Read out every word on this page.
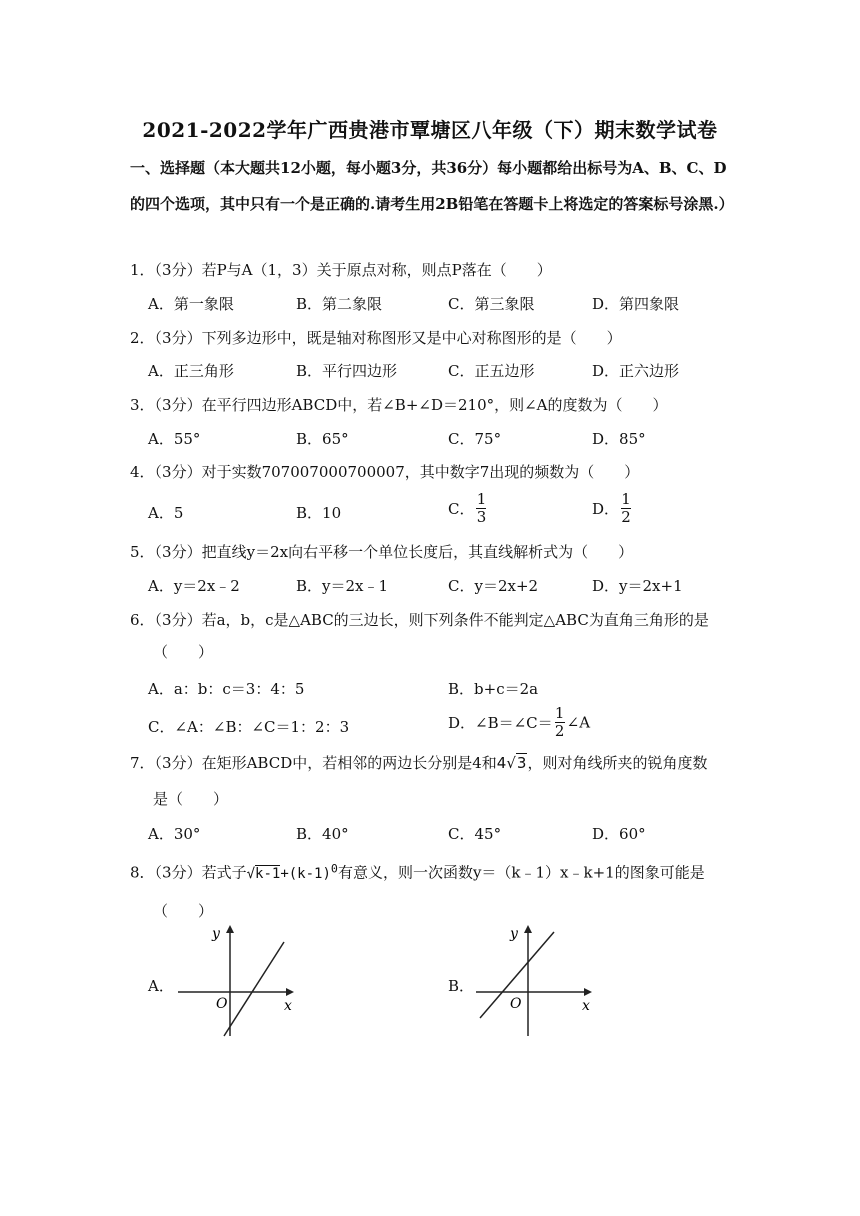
2021-2022学年广西贵港市覃塘区八年级（下）期末数学试卷
一、选择题（本大题共12小题，每小题3分，共36分）每小题都给出标号为A、B、C、D的四个选项，其中只有一个是正确的.请考生用2B铅笔在答题卡上将选定的答案标号涂黑.）
1．（3分）若P与A（1，3）关于原点对称，则点P落在（　　）
A．第一象限	B．第二象限	C．第三象限	D．第四象限
2．（3分）下列多边形中，既是轴对称图形又是中心对称图形的是（　　）
A．正三角形	B．平行四边形	C．正五边形	D．正六边形
3．（3分）在平行四边形ABCD中，若∠B+∠D＝210°，则∠A的度数为（　　）
A．55°	B．65°	C．75°	D．85°
4．（3分）对于实数707007000700007，其中数字7出现的频数为（　　）
A．5	B．10	C． $\frac{1}{3}$	D． $\frac{1}{2}$
5．（3分）把直线y＝2x向右平移一个单位长度后，其直线解析式为（　　）
A．y＝2x﹣2	B．y＝2x﹣1	C．y＝2x+2	D．y＝2x+1
6．（3分）若a，b，c是△ABC的三边长，则下列条件不能判定△ABC为直角三角形的是
（　　）
A．a：b：c＝3：4：5	B．b+c＝2a
C．∠A：∠B：∠C＝1：2：3	D．∠B＝∠C＝ $\frac{1}{2}$ ∠A
7．（3分）在矩形ABCD中，若相邻的两边长分别是4和4√3，则对角线所夹的锐角度数
是（　　）
A．30°	B．40°	C．45°	D．60°
8．（3分）若式子$√k-1+(k-1)^0$有意义，则一次函数y＝（k﹣1）x﹣k+1的图象可能是
（　　）
A．
y
O	x
B．
y
O	x
